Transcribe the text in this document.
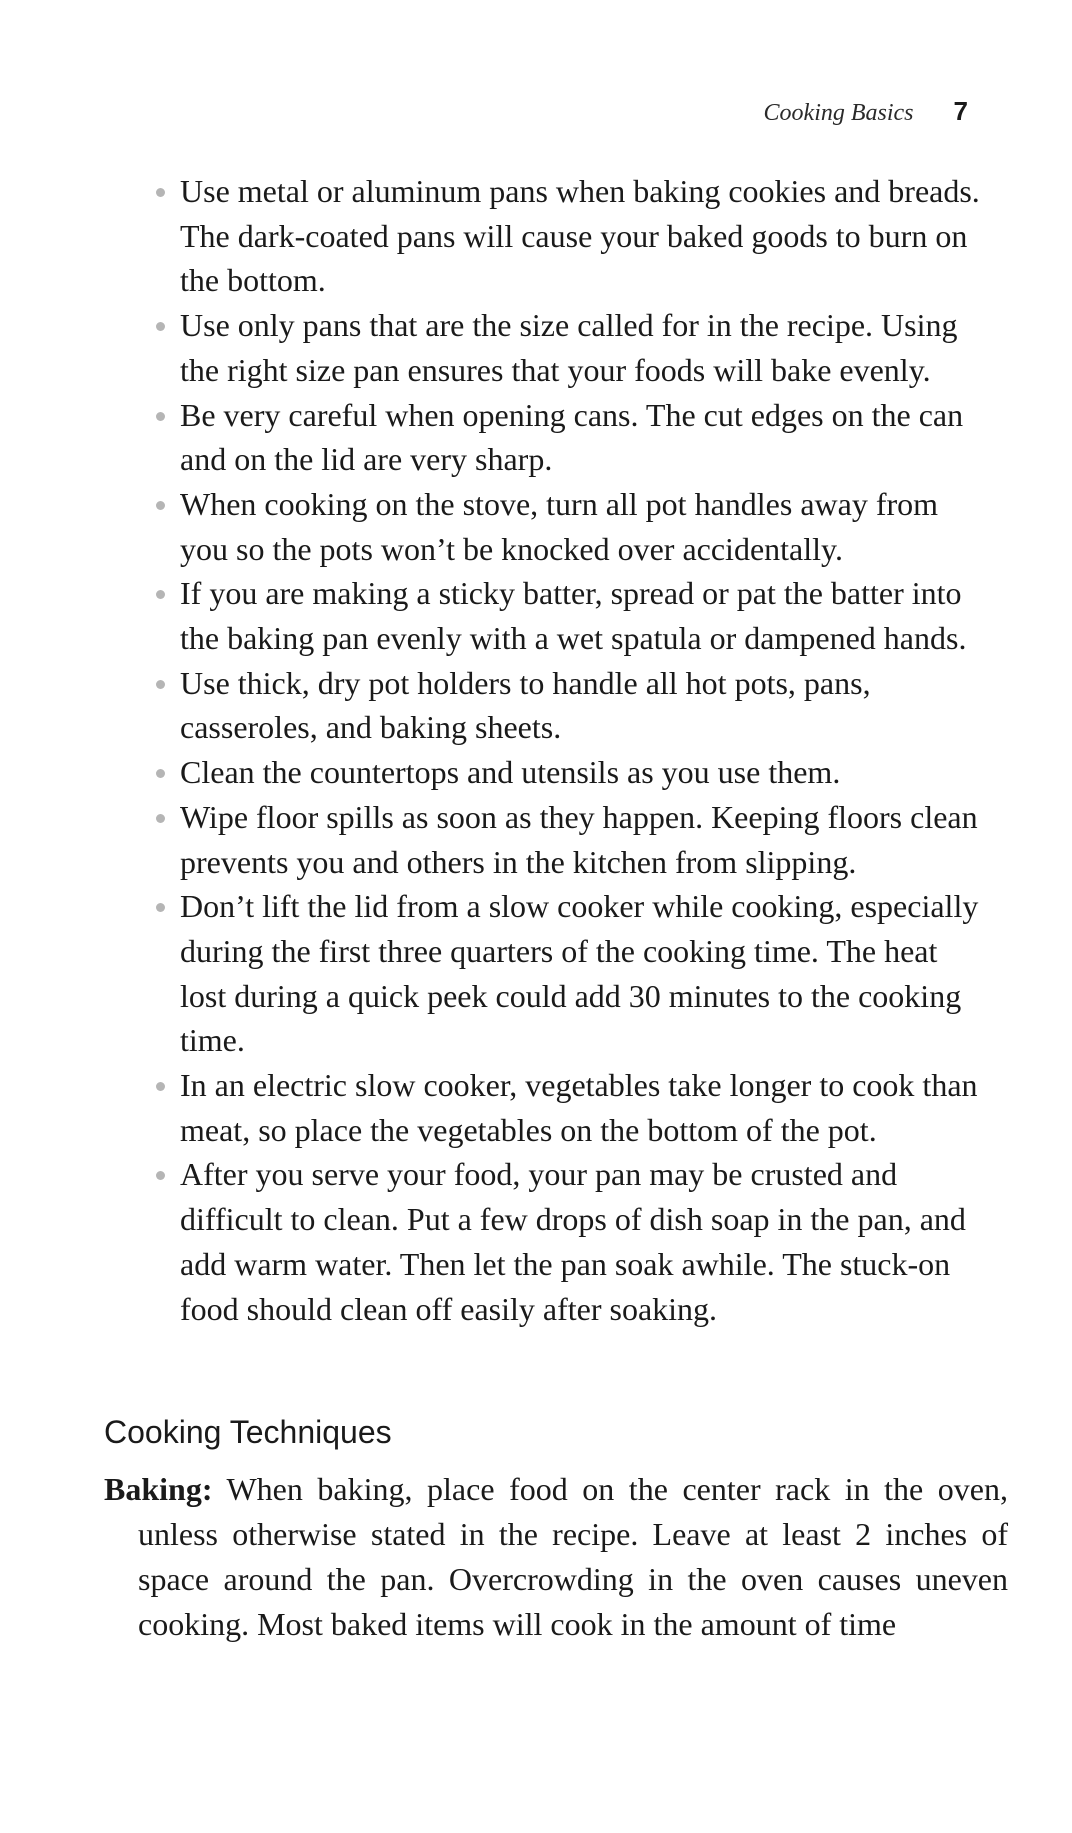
Cooking Basics 7
Use metal or aluminum pans when baking cookies and breads. The dark-coated pans will cause your baked goods to burn on the bottom.
Use only pans that are the size called for in the recipe. Using the right size pan ensures that your foods will bake evenly.
Be very careful when opening cans. The cut edges on the can and on the lid are very sharp.
When cooking on the stove, turn all pot handles away from you so the pots won’t be knocked over accidentally.
If you are making a sticky batter, spread or pat the batter into the baking pan evenly with a wet spatula or dampened hands.
Use thick, dry pot holders to handle all hot pots, pans, casseroles, and baking sheets.
Clean the countertops and utensils as you use them.
Wipe floor spills as soon as they happen. Keeping floors clean prevents you and others in the kitchen from slipping.
Don’t lift the lid from a slow cooker while cooking, especially during the first three quarters of the cooking time. The heat lost during a quick peek could add 30 minutes to the cooking time.
In an electric slow cooker, vegetables take longer to cook than meat, so place the vegetables on the bottom of the pot.
After you serve your food, your pan may be crusted and difficult to clean. Put a few drops of dish soap in the pan, and add warm water. Then let the pan soak awhile. The stuck-on food should clean off easily after soaking.
Cooking Techniques

Baking: When baking, place food on the center rack in the oven, unless otherwise stated in the recipe. Leave at least 2 inches of space around the pan. Overcrowding in the oven causes uneven cooking. Most baked items will cook in the amount of time
